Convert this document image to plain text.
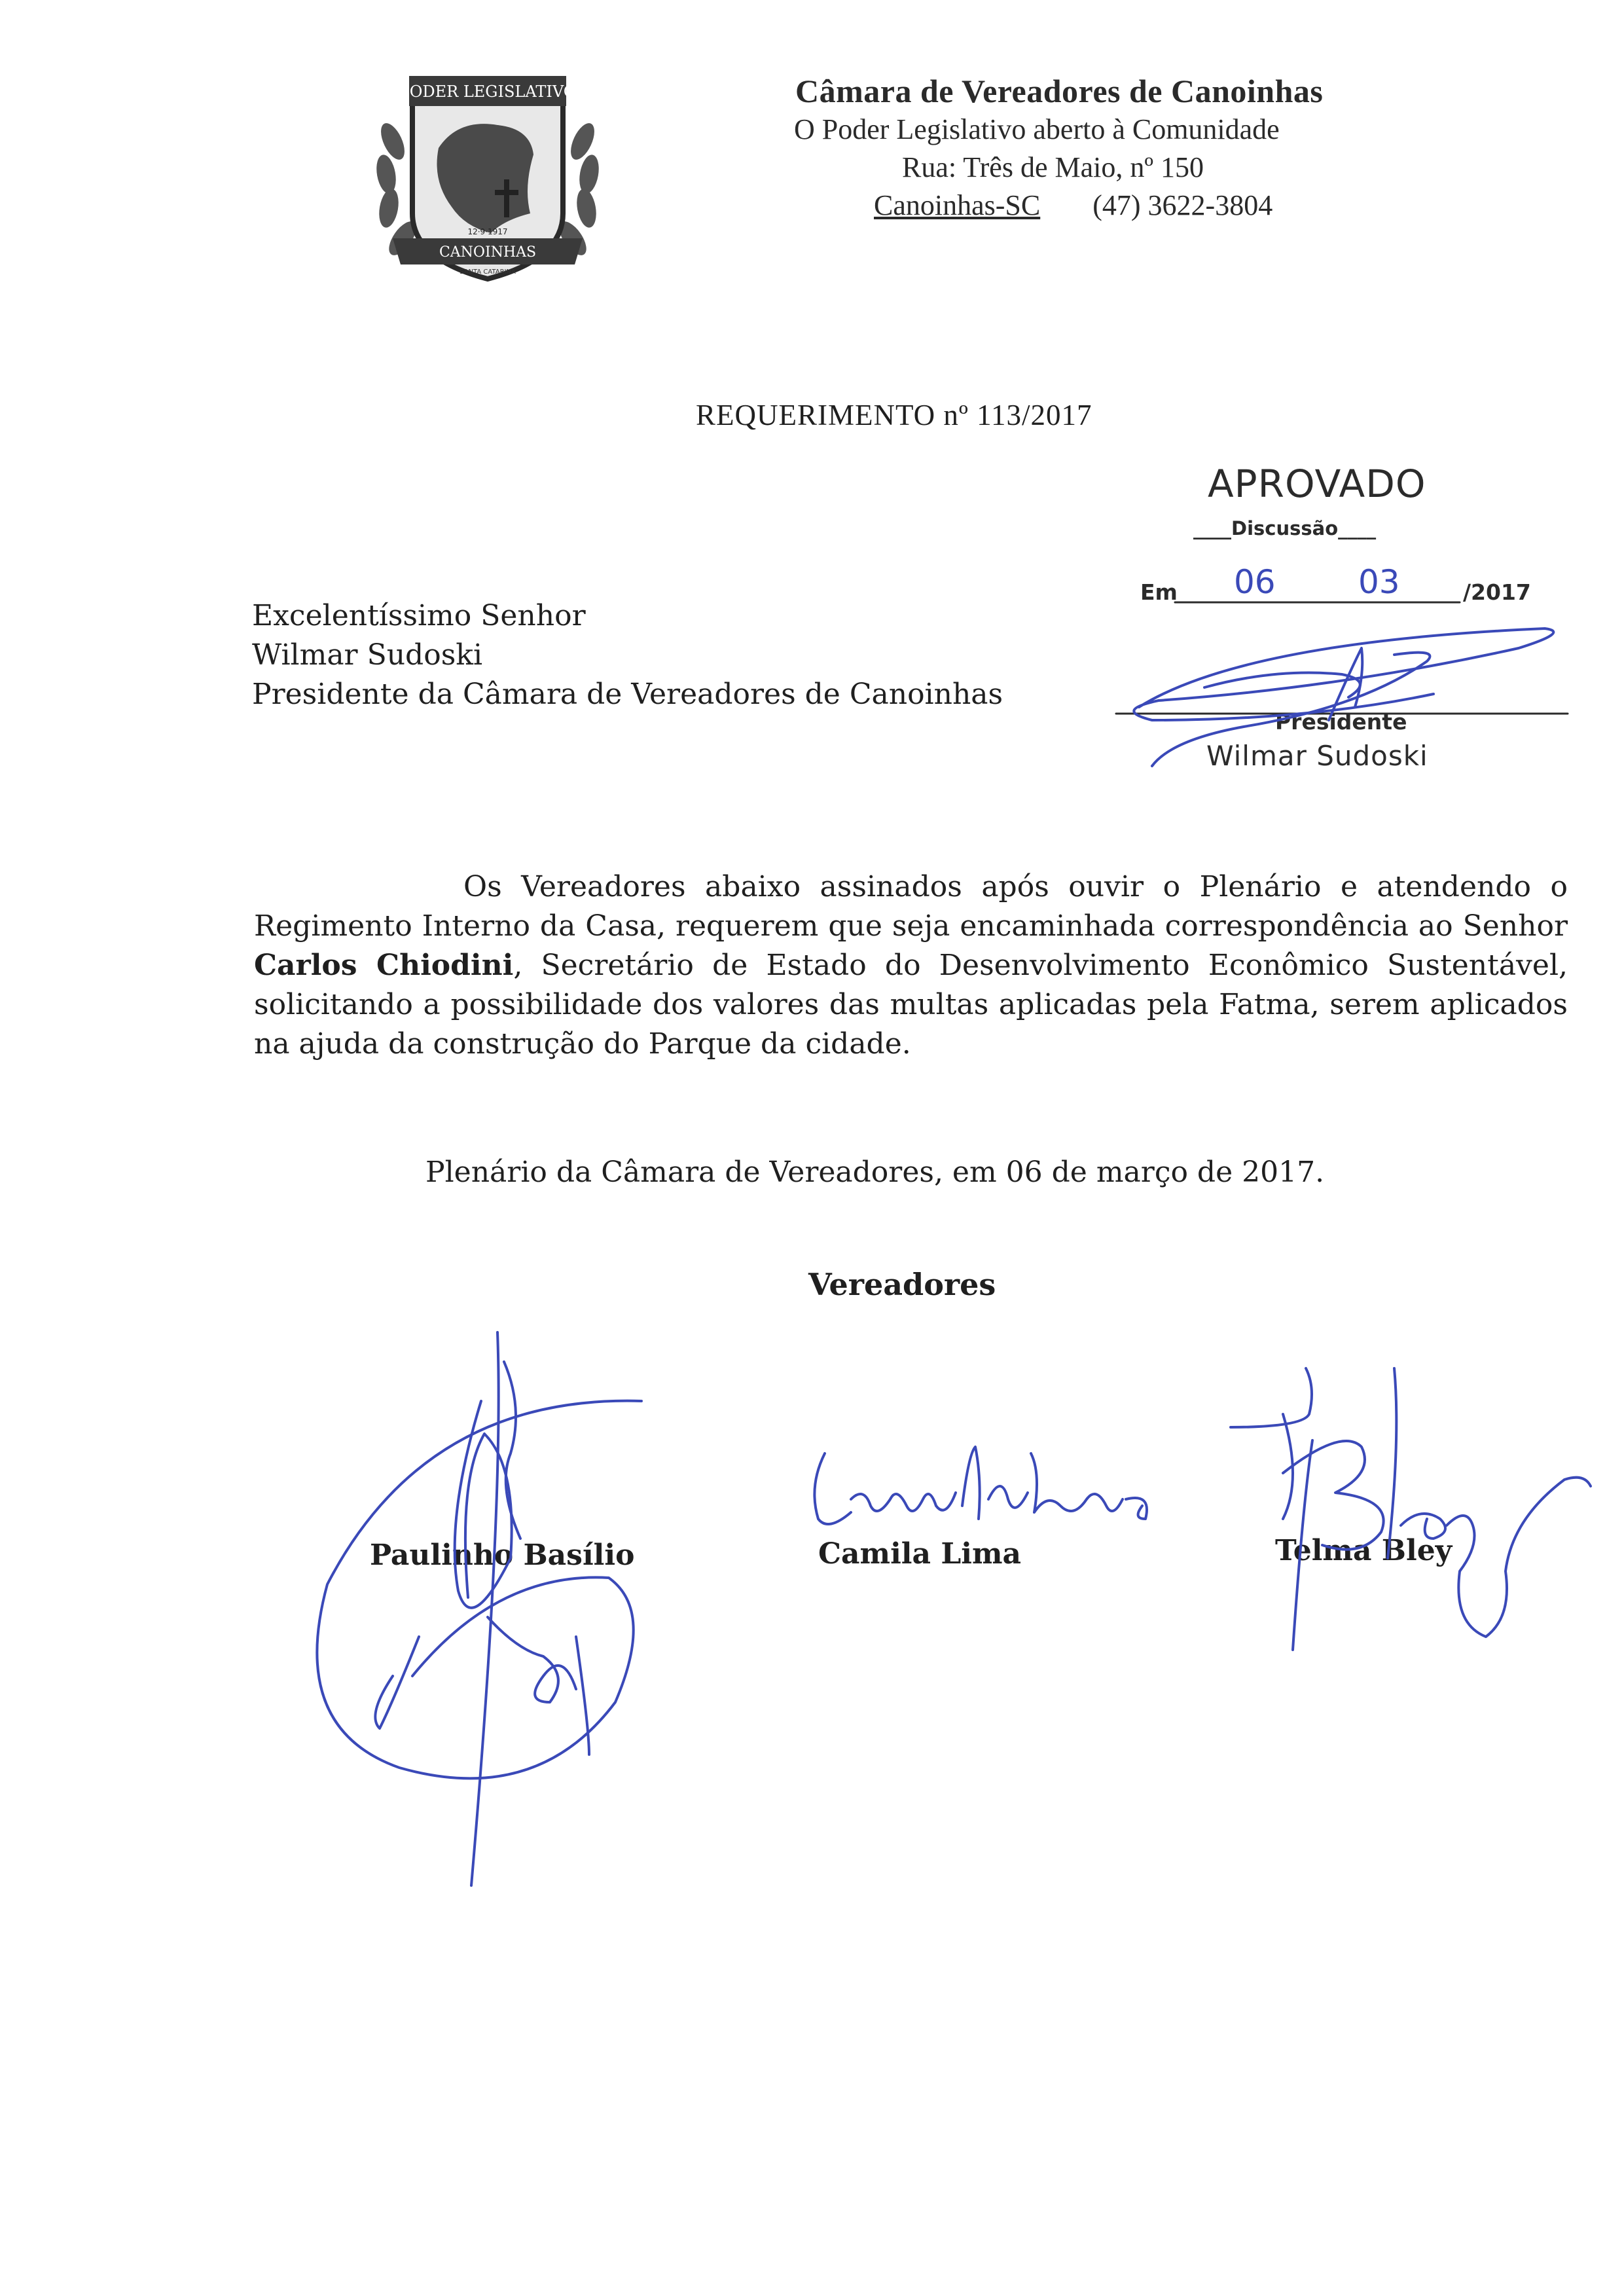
PODER LEGISLATIVO
12·9·1917
CANOINHAS
SANTA CATARINA
Câmara de Vereadores de Canoinhas
O Poder Legislativo aberto à Comunidade
Rua: Três de Maio, nº 150
Canoinhas-SC (47) 3622-3804
REQUERIMENTO nº 113/2017
APROVADO
____Discussão____
Em 06	03	/2017
Presidente
Wilmar Sudoski
Excelentíssimo Senhor
Wilmar Sudoski
Presidente da Câmara de Vereadores de Canoinhas
Os Vereadores abaixo assinados após ouvir o Plenário e atendendo o Regimento Interno da Casa, requerem que seja encaminhada correspondência ao Senhor Carlos Chiodini, Secretário de Estado do Desenvolvimento Econômico Sustentável, solicitando a possibilidade dos valores das multas aplicadas pela Fatma, serem aplicados na ajuda da construção do Parque da cidade.
Plenário da Câmara de Vereadores, em 06 de março de 2017.
Vereadores
Paulinho Basílio	Camila Lima	Telma Bley
